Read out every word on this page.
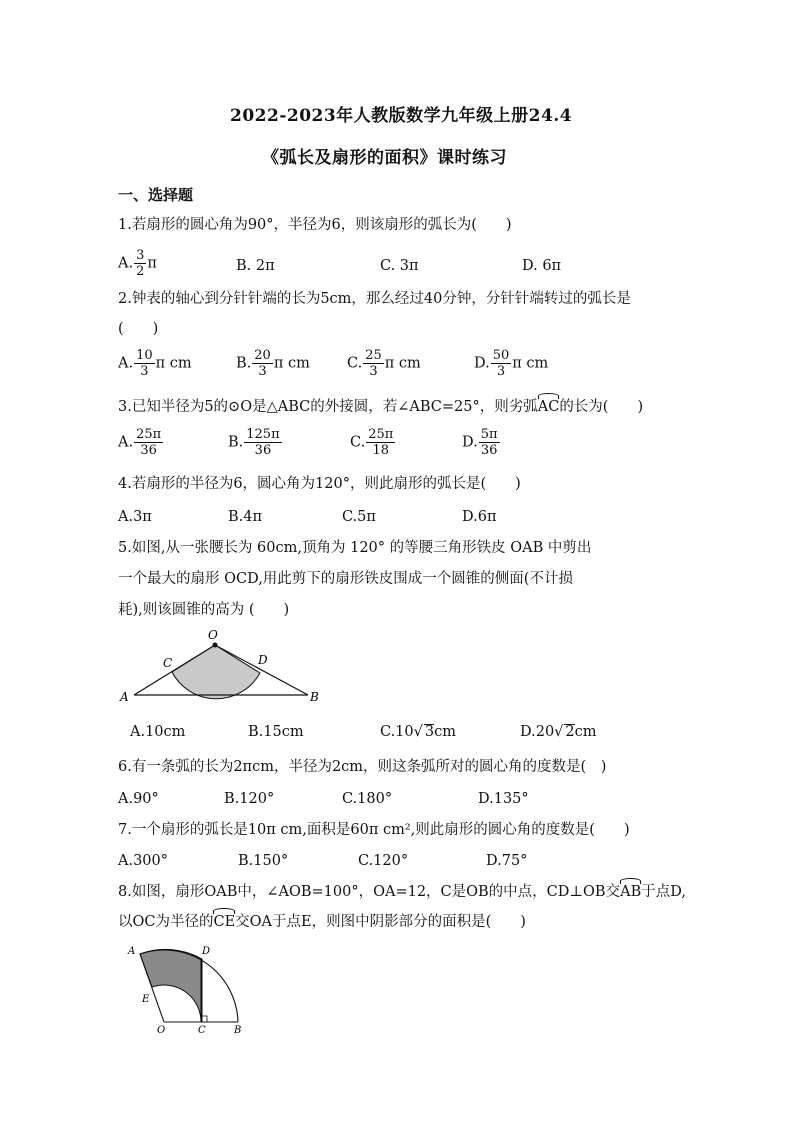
2022-2023年人教版数学九年级上册24.4
《弧长及扇形的面积》课时练习
一、选择题
1.若扇形的圆心角为90°，半径为6，则该扇形的弧长为(　　)
A. $\frac{3}{2}$ π	B. 2π	C. 3π	D. 6π
2.钟表的轴心到分针针端的长为5cm，那么经过40分钟，分针针端转过的弧长是
(　　)
A. $\frac{10}{3}$ π cm	B. $\frac{20}{3}$ π cm	C. $\frac{25}{3}$ π cm	D. $\frac{50}{3}$ π cm
3.已知半径为5的⊙O是△ABC的外接圆，若∠ABC=25°，则劣弧AC的长为(　　)
A. $\frac{25\pi}{36}$	B. $\frac{125\pi}{36}$	C. $\frac{25\pi}{18}$	D. $\frac{5\pi}{36}$
4.若扇形的半径为6，圆心角为120°，则此扇形的弧长是(　　)
A.3π	B.4π	C.5π	D.6π
5.如图,从一张腰长为 60cm,顶角为 120° 的等腰三角形铁皮 OAB 中剪出
一个最大的扇形 OCD,用此剪下的扇形铁皮围成一个圆锥的侧面(不计损
耗),则该圆锥的高为 (　　)
O
C	D
A	B
A.10cm	B.15cm	C.10√ 3cm	D.20√ 2cm
6.有一条弧的长为2πcm，半径为2cm，则这条弧所对的圆心角的度数是(　)
A.90°	B.120°	C.180°	D.135°
7.一个扇形的弧长是10π cm,面积是60π cm²,则此扇形的圆心角的度数是(　　)
A.300°	B.150°	C.120°	D.75°
8.如图，扇形OAB中，∠AOB=100°，OA=12，C是OB的中点，CD⊥OB交AB于点D,
以OC为半径的CE交OA于点E，则图中阴影部分的面积是(　　)
A	D
E
O	C	B
